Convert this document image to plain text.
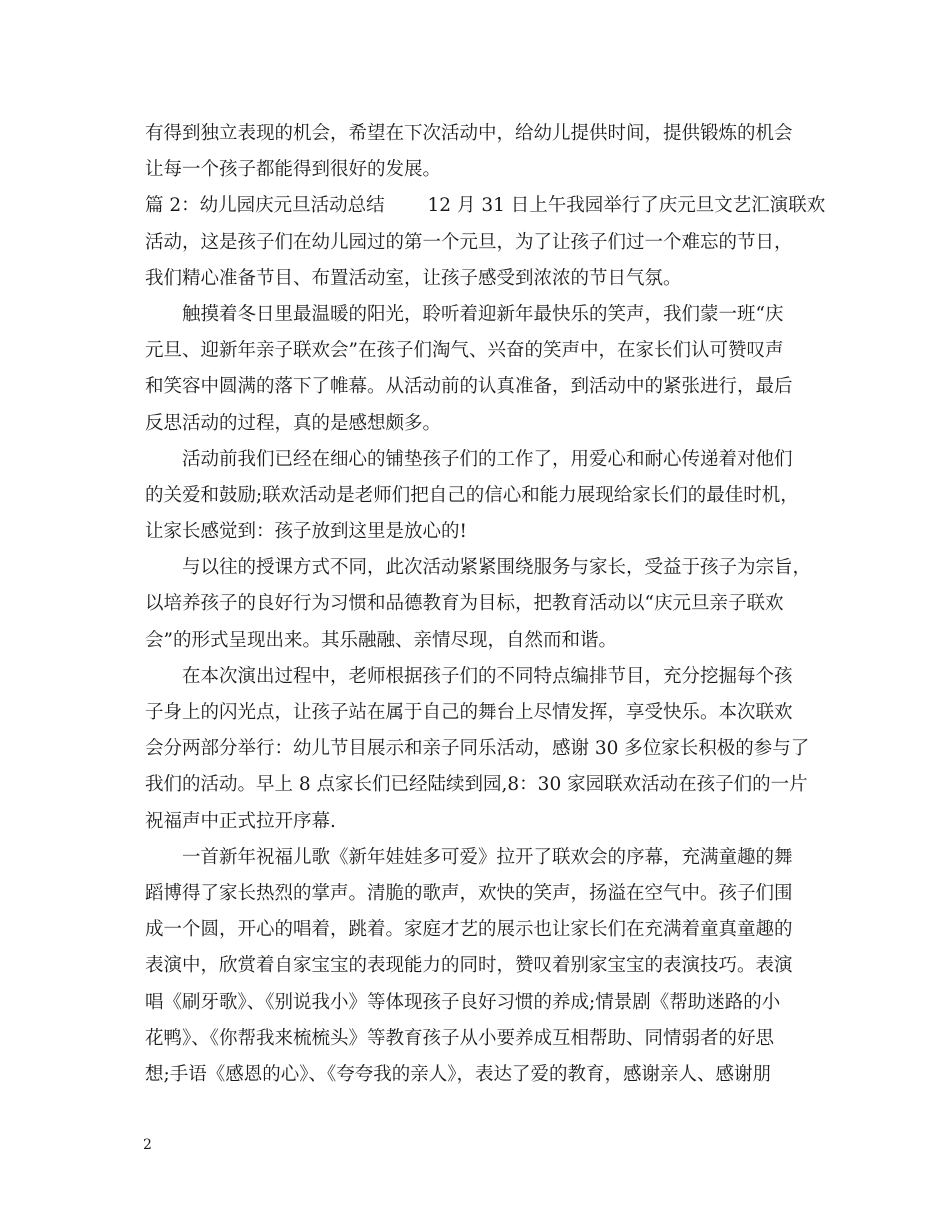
有得到独立表现的机会，希望在下次活动中，给幼儿提供时间，提供锻炼的机会
让每一个孩子都能得到很好的发展。
篇 2：幼儿园庆元旦活动总结　　 12 月 31 日上午我园举行了庆元旦文艺汇演联欢
活动，这是孩子们在幼儿园过的第一个元旦，为了让孩子们过一个难忘的节日，
我们精心准备节目、布置活动室，让孩子感受到浓浓的节日气氛。
触摸着冬日里最温暖的阳光，聆听着迎新年最快乐的笑声，我们蒙一班“庆
元旦、迎新年亲子联欢会”在孩子们淘气、兴奋的笑声中，在家长们认可赞叹声
和笑容中圆满的落下了帷幕。从活动前的认真准备，到活动中的紧张进行，最后
反思活动的过程，真的是感想颇多。
活动前我们已经在细心的铺垫孩子们的工作了，用爱心和耐心传递着对他们
的关爱和鼓励;联欢活动是老师们把自己的信心和能力展现给家长们的最佳时机，
让家长感觉到：孩子放到这里是放心的!
与以往的授课方式不同，此次活动紧紧围绕服务与家长，受益于孩子为宗旨，
以培养孩子的良好行为习惯和品德教育为目标，把教育活动以“庆元旦亲子联欢
会”的形式呈现出来。其乐融融、亲情尽现，自然而和谐。
在本次演出过程中，老师根据孩子们的不同特点编排节目，充分挖掘每个孩
子身上的闪光点，让孩子站在属于自己的舞台上尽情发挥，享受快乐。本次联欢
会分两部分举行：幼儿节目展示和亲子同乐活动，感谢 30 多位家长积极的参与了
我们的活动。早上 8 点家长们已经陆续到园,8：30 家园联欢活动在孩子们的一片
祝福声中正式拉开序幕.
一首新年祝福儿歌《新年娃娃多可爱》拉开了联欢会的序幕，充满童趣的舞
蹈博得了家长热烈的掌声。清脆的歌声，欢快的笑声，扬溢在空气中。孩子们围
成一个圆，开心的唱着，跳着。家庭才艺的展示也让家长们在充满着童真童趣的
表演中，欣赏着自家宝宝的表现能力的同时，赞叹着别家宝宝的表演技巧。表演
唱《刷牙歌》、《别说我小》等体现孩子良好习惯的养成;情景剧《帮助迷路的小
花鸭》、《你帮我来梳梳头》等教育孩子从小要养成互相帮助、同情弱者的好思
想;手语《感恩的心》、《夸夸我的亲人》，表达了爱的教育，感谢亲人、感谢朋
2
